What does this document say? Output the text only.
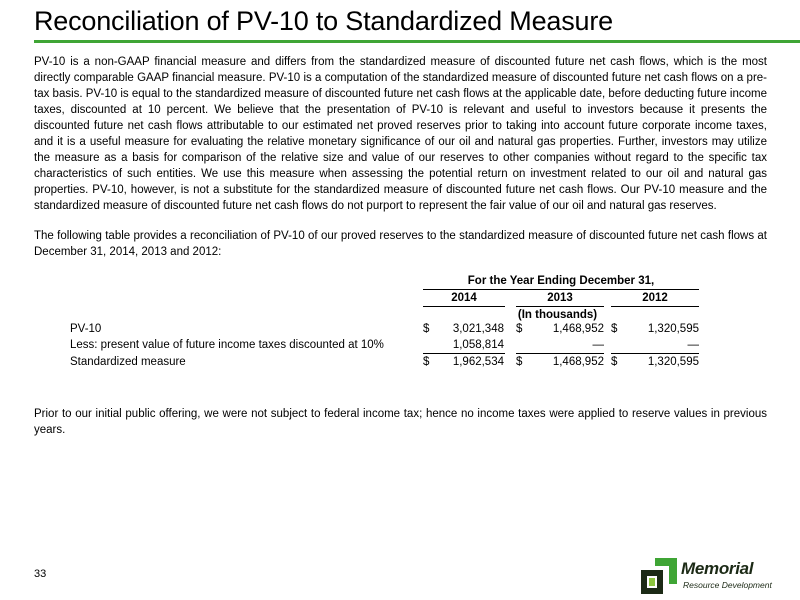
Reconciliation of PV-10 to Standardized Measure

PV-10 is a non-GAAP financial measure and differs from the standardized measure of discounted future net cash flows, which is the most directly comparable GAAP financial measure. PV-10 is a computation of the standardized measure of discounted future net cash flows on a pre-tax basis. PV-10 is equal to the standardized measure of discounted future net cash flows at the applicable date, before deducting future income taxes, discounted at 10 percent. We believe that the presentation of PV-10 is relevant and useful to investors because it presents the discounted future net cash flows attributable to our estimated net proved reserves prior to taking into account future corporate income taxes, and it is a useful measure for evaluating the relative monetary significance of our oil and natural gas properties. Further, investors may utilize the measure as a basis for comparison of the relative size and value of our reserves to other companies without regard to the specific tax characteristics of such entities. We use this measure when assessing the potential return on investment related to our oil and natural gas properties. PV-10, however, is not a substitute for the standardized measure of discounted future net cash flows. Our PV-10 measure and the standardized measure of discounted future net cash flows do not purport to represent the fair value of our oil and natural gas reserves.

The following table provides a reconciliation of PV-10 of our proved reserves to the standardized measure of discounted future net cash flows at December 31, 2014, 2013 and 2012:

For the Year Ending December 31,
2014	2013	2012
(In thousands)
PV-10	$	3,021,348 $	1,468,952 $	1,320,595
Less: present value of future income taxes discounted at 10%	1,058,814	—	—
Standardized measure	$	1,962,534 $	1,468,952 $	1,320,595

Prior to our initial public offering, we were not subject to federal income tax; hence no income taxes were applied to reserve values in previous years.

33	Memorial
Resource Development
